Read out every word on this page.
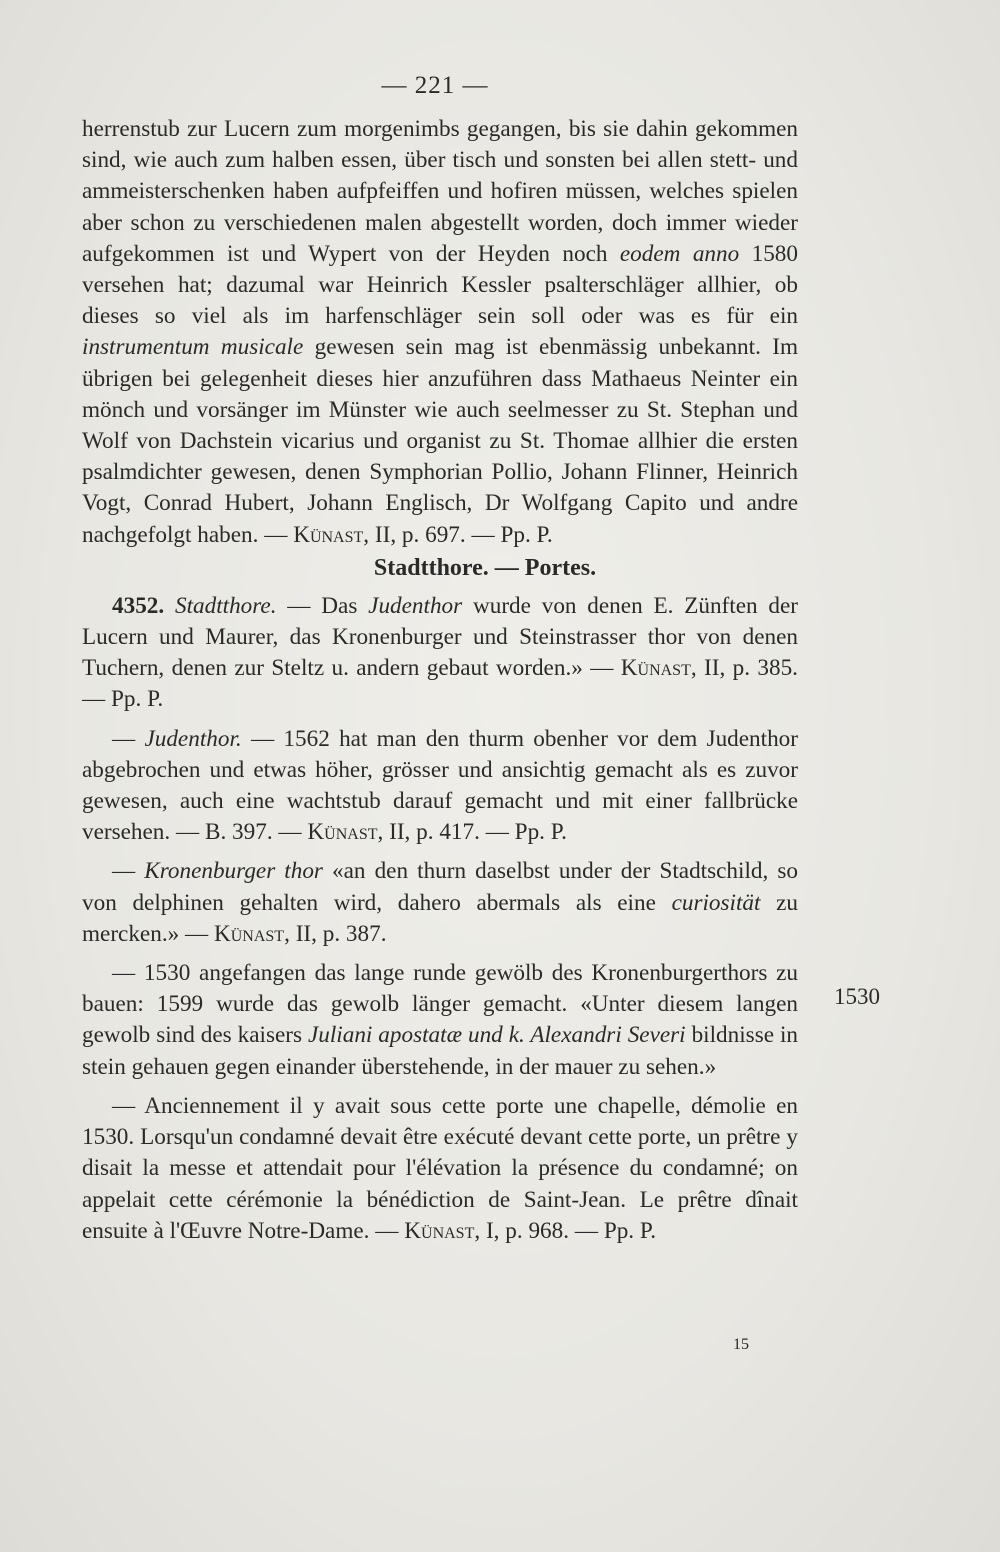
— 221 —

herrenstub zur Lucern zum morgenimbs gegangen, bis sie dahin gekommen sind, wie auch zum halben essen, über tisch und sonsten bei allen stett- und ammeisterschenken haben aufpfeiffen und hofiren müssen, welches spielen aber schon zu verschiedenen malen abgestellt worden, doch immer wieder aufgekommen ist und Wypert von der Heyden noch eodem anno 1580 versehen hat; dazumal war Heinrich Kessler psalterschläger allhier, ob dieses so viel als im harfenschläger sein soll oder was es für ein instrumentum musicale gewesen sein mag ist ebenmässig unbekannt. Im übrigen bei gelegenheit dieses hier anzuführen dass Mathaeus Neinter ein mönch und vorsänger im Münster wie auch seelmesser zu St. Stephan und Wolf von Dachstein vicarius und organist zu St. Thomae allhier die ersten psalmdichter gewesen, denen Symphorian Pollio, Johann Flinner, Heinrich Vogt, Conrad Hubert, Johann Englisch, Dr Wolfgang Capito und andre nachgefolgt haben. — Künast, II, p. 697. — Pp. P.

Stadtthore. — Portes.

4352. Stadtthore. — Das Judenthor wurde von denen E. Zünften der Lucern und Maurer, das Kronenburger und Steinstrasser thor von denen Tuchern, denen zur Steltz u. andern gebaut worden.» — Künast, II, p. 385. — Pp. P.

— Judenthor. — 1562 hat man den thurm obenher vor dem Judenthor abgebrochen und etwas höher, grösser und ansichtig gemacht als es zuvor gewesen, auch eine wachtstub darauf gemacht und mit einer fallbrücke versehen. — B. 397. — Künast, II, p. 417. — Pp. P.

— Kronenburger thor «an den thurn daselbst under der Stadtschild, so von delphinen gehalten wird, dahero abermals als eine curiosität zu mercken.» — Künast, II, p. 387.

— 1530 angefangen das lange runde gewölb des Kronenburgerthors zu bauen: 1599 wurde das gewolb länger gemacht. «Unter diesem langen gewolb sind des kaisers Juliani apostatæ und k. Alexandri Severi bildnisse in stein gehauen gegen einander überstehende, in der mauer zu sehen.»

— Anciennement il y avait sous cette porte une chapelle, démolie en 1530. Lorsqu'un condamné devait être exécuté devant cette porte, un prêtre y disait la messe et attendait pour l'élévation la présence du condamné; on appelait cette cérémonie la bénédiction de Saint-Jean. Le prêtre dînait ensuite à l'Œuvre Notre-Dame. — Künast, I, p. 968. — Pp. P.

1530
15
